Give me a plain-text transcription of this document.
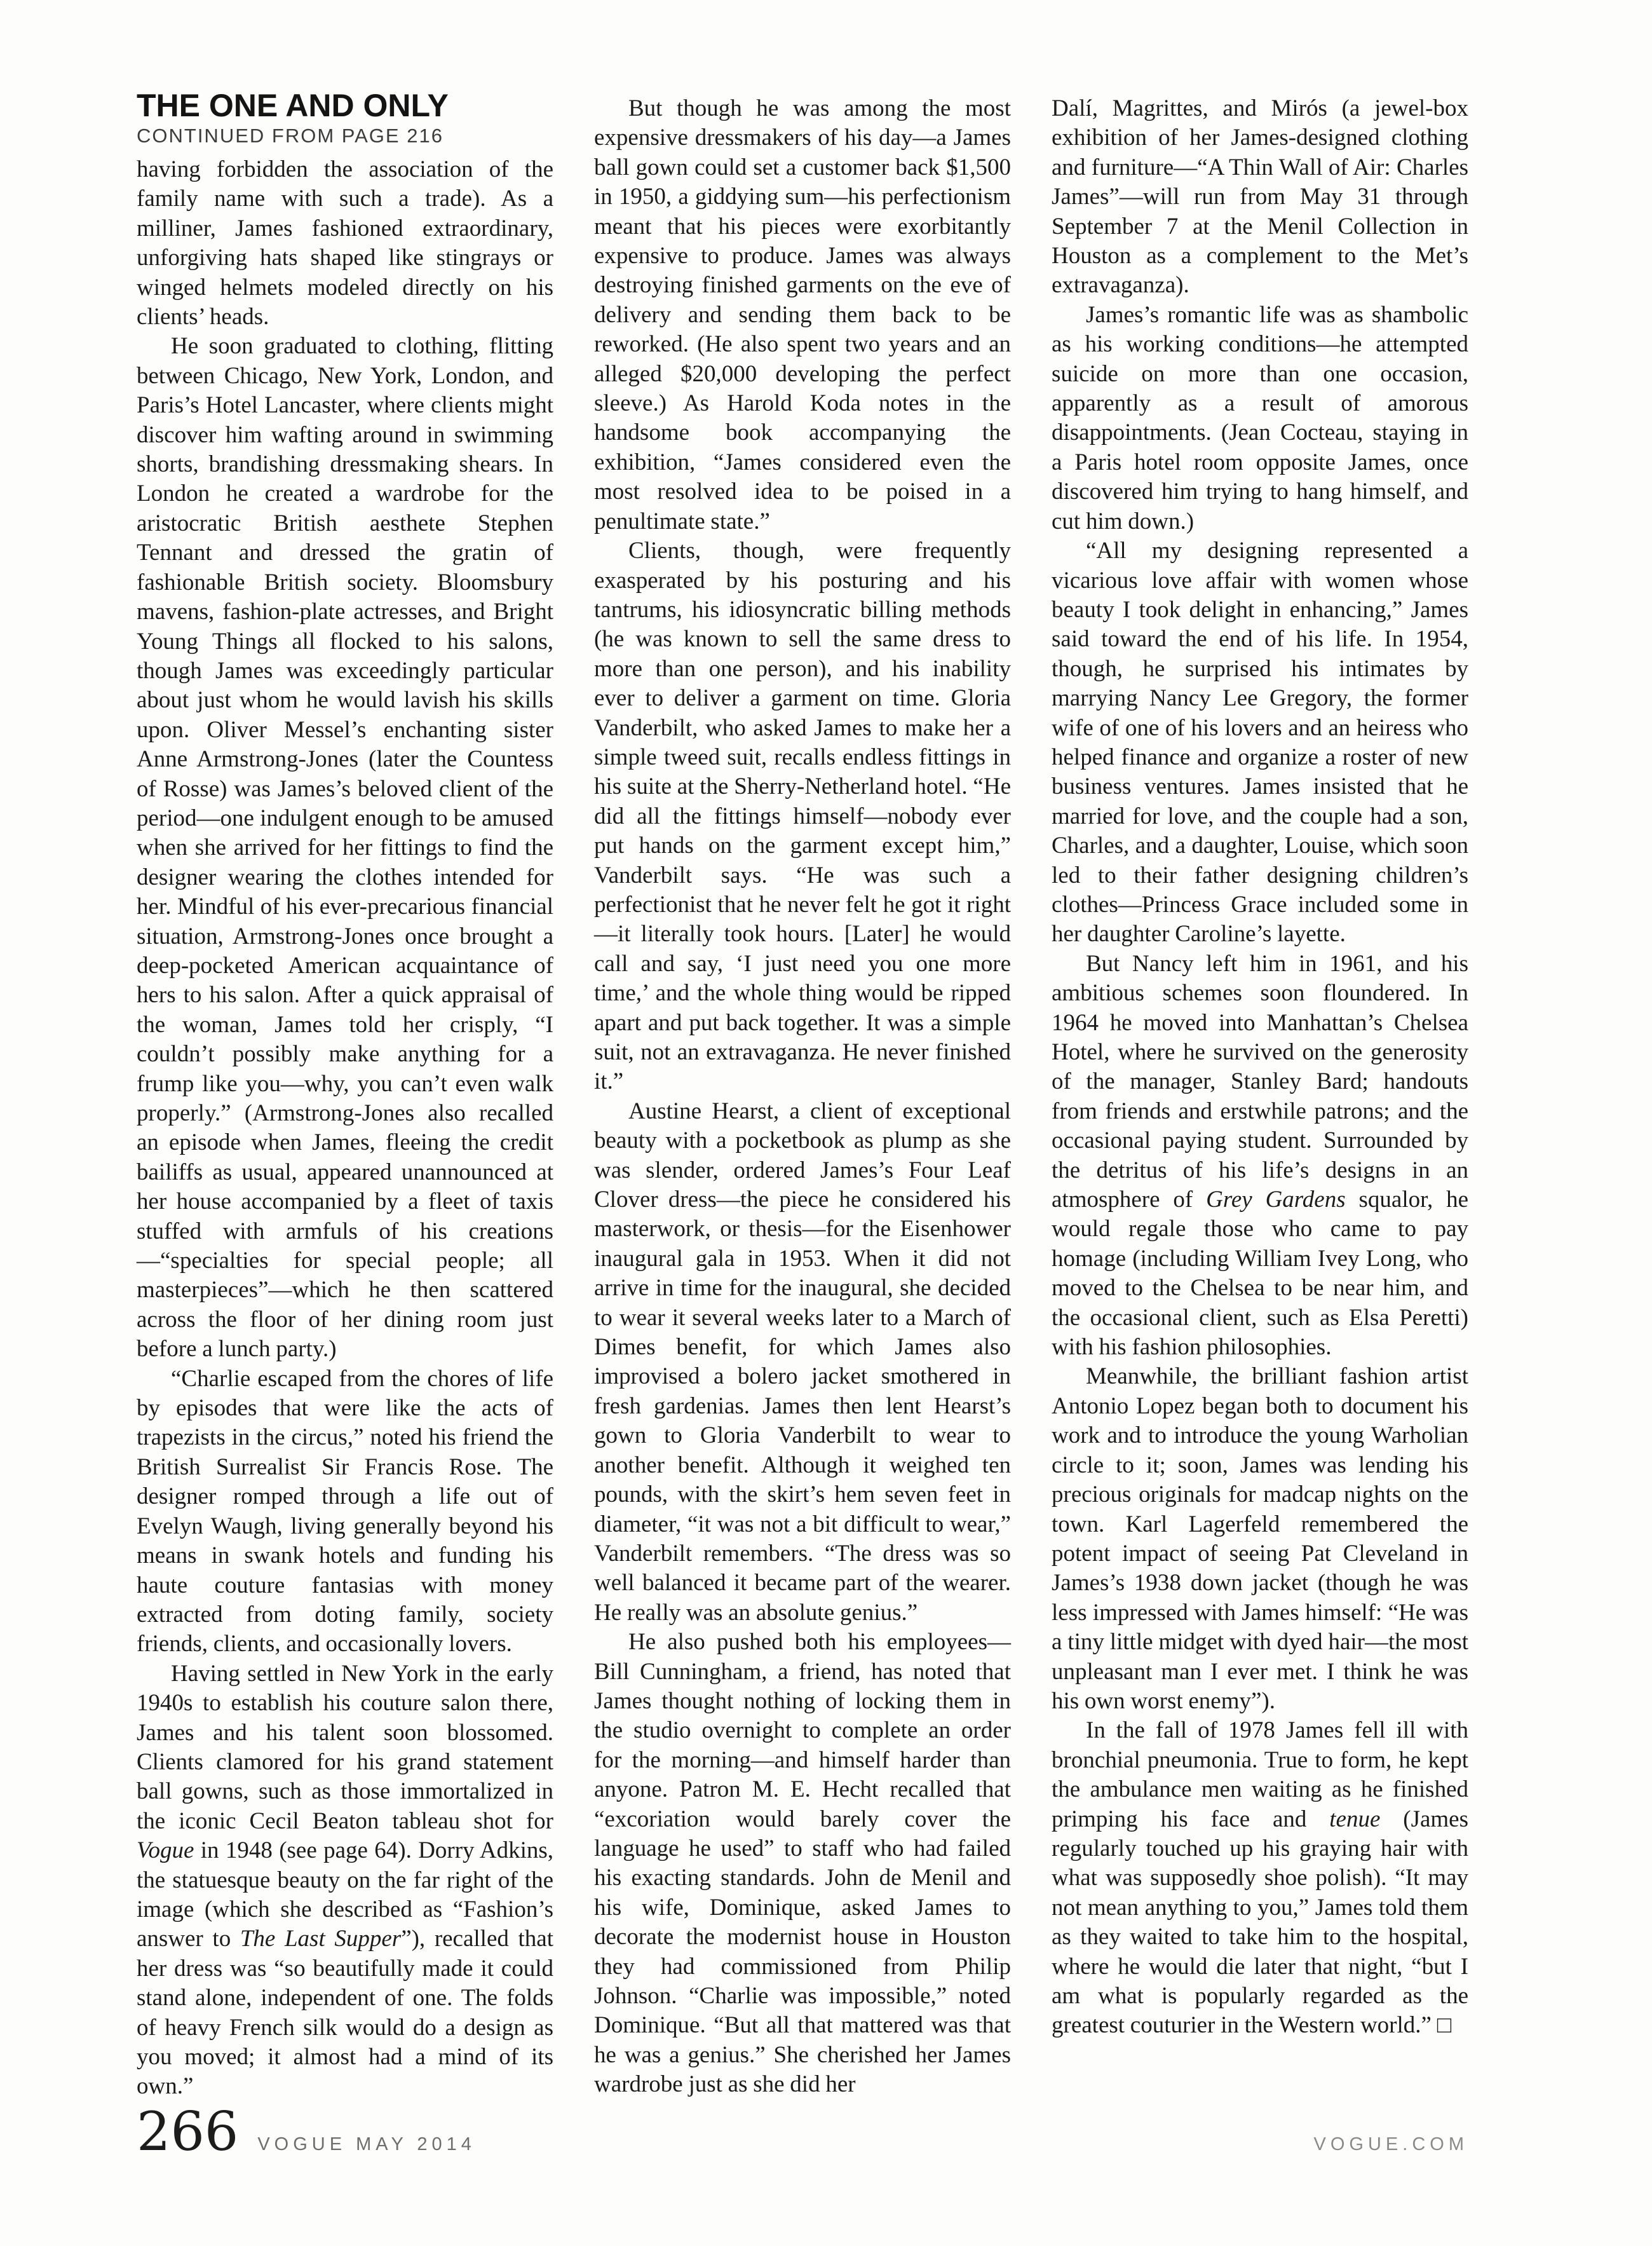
THE ONE AND ONLY
CONTINUED FROM PAGE 216

having forbidden the association of the family name with such a trade). As a milliner, James fashioned extraordinary, unforgiving hats shaped like stingrays or winged helmets modeled directly on his clients’ heads.

He soon graduated to clothing, flitting between Chicago, New York, London, and Paris’s Hotel Lancaster, where clients might discover him wafting around in swimming shorts, brandishing dressmaking shears. In London he created a wardrobe for the aristocratic British aesthete Stephen Tennant and dressed the gratin of fashionable British society. Bloomsbury mavens, fashion-plate actresses, and Bright Young Things all flocked to his salons, though James was exceedingly particular about just whom he would lavish his skills upon. Oliver Messel’s enchanting sister Anne Armstrong-Jones (later the Countess of Rosse) was James’s beloved client of the period—one indulgent enough to be amused when she arrived for her fittings to find the designer wearing the clothes intended for her. Mindful of his ever-precarious financial situation, Armstrong-Jones once brought a deep-pocketed American acquaintance of hers to his salon. After a quick appraisal of the woman, James told her crisply, “I couldn’t possibly make anything for a frump like you—why, you can’t even walk properly.” (Armstrong-Jones also recalled an episode when James, fleeing the credit bailiffs as usual, appeared unannounced at her house accompanied by a fleet of taxis stuffed with armfuls of his creations—“specialties for special people; all masterpieces”—which he then scattered across the floor of her dining room just before a lunch party.)

“Charlie escaped from the chores of life by episodes that were like the acts of trapezists in the circus,” noted his friend the British Surrealist Sir Francis Rose. The designer romped through a life out of Evelyn Waugh, living generally beyond his means in swank hotels and funding his haute couture fantasias with money extracted from doting family, society friends, clients, and occasionally lovers.

Having settled in New York in the early 1940s to establish his couture salon there, James and his talent soon blossomed. Clients clamored for his grand statement ball gowns, such as those immortalized in the iconic Cecil Beaton tableau shot for Vogue in 1948 (see page 64). Dorry Adkins, the statuesque beauty on the far right of the image (which she described as “Fashion’s answer to The Last Supper”), recalled that her dress was “so beautifully made it could stand alone, independent of one. The folds of heavy French silk would do a design as you moved; it almost had a mind of its own.”

But though he was among the most expensive dressmakers of his day—a James ball gown could set a customer back $1,500 in 1950, a giddying sum—his perfectionism meant that his pieces were exorbitantly expensive to produce. James was always destroying finished garments on the eve of delivery and sending them back to be reworked. (He also spent two years and an alleged $20,000 developing the perfect sleeve.) As Harold Koda notes in the handsome book accompanying the exhibition, “James considered even the most resolved idea to be poised in a penultimate state.”

Clients, though, were frequently exasperated by his posturing and his tantrums, his idiosyncratic billing methods (he was known to sell the same dress to more than one person), and his inability ever to deliver a garment on time. Gloria Vanderbilt, who asked James to make her a simple tweed suit, recalls endless fittings in his suite at the Sherry-Netherland hotel. “He did all the fittings himself—nobody ever put hands on the garment except him,” Vanderbilt says. “He was such a perfectionist that he never felt he got it right—it literally took hours. [Later] he would call and say, ‘I just need you one more time,’ and the whole thing would be ripped apart and put back together. It was a simple suit, not an extravaganza. He never finished it.”

Austine Hearst, a client of exceptional beauty with a pocketbook as plump as she was slender, ordered James’s Four Leaf Clover dress—the piece he considered his masterwork, or thesis—for the Eisenhower inaugural gala in 1953. When it did not arrive in time for the inaugural, she decided to wear it several weeks later to a March of Dimes benefit, for which James also improvised a bolero jacket smothered in fresh gardenias. James then lent Hearst’s gown to Gloria Vanderbilt to wear to another benefit. Although it weighed ten pounds, with the skirt’s hem seven feet in diameter, “it was not a bit difficult to wear,” Vanderbilt remembers. “The dress was so well balanced it became part of the wearer. He really was an absolute genius.”

He also pushed both his employees—Bill Cunningham, a friend, has noted that James thought nothing of locking them in the studio overnight to complete an order for the morning—and himself harder than anyone. Patron M. E. Hecht recalled that “excoriation would barely cover the language he used” to staff who had failed his exacting standards. John de Menil and his wife, Dominique, asked James to decorate the modernist house in Houston they had commissioned from Philip Johnson. “Charlie was impossible,” noted Dominique. “But all that mattered was that he was a genius.” She cherished her James wardrobe just as she did her

Dalí, Magrittes, and Mirós (a jewel-box exhibition of her James-designed clothing and furniture—“A Thin Wall of Air: Charles James”—will run from May 31 through September 7 at the Menil Collection in Houston as a complement to the Met’s extravaganza).

James’s romantic life was as shambolic as his working conditions—he attempted suicide on more than one occasion, apparently as a result of amorous disappointments. (Jean Cocteau, staying in a Paris hotel room opposite James, once discovered him trying to hang himself, and cut him down.)

“All my designing represented a vicarious love affair with women whose beauty I took delight in enhancing,” James said toward the end of his life. In 1954, though, he surprised his intimates by marrying Nancy Lee Gregory, the former wife of one of his lovers and an heiress who helped finance and organize a roster of new business ventures. James insisted that he married for love, and the couple had a son, Charles, and a daughter, Louise, which soon led to their father designing children’s clothes—Princess Grace included some in her daughter Caroline’s layette.

But Nancy left him in 1961, and his ambitious schemes soon floundered. In 1964 he moved into Manhattan’s Chelsea Hotel, where he survived on the generosity of the manager, Stanley Bard; handouts from friends and erstwhile patrons; and the occasional paying student. Surrounded by the detritus of his life’s designs in an atmosphere of Grey Gardens squalor, he would regale those who came to pay homage (including William Ivey Long, who moved to the Chelsea to be near him, and the occasional client, such as Elsa Peretti) with his fashion philosophies.

Meanwhile, the brilliant fashion artist Antonio Lopez began both to document his work and to introduce the young Warholian circle to it; soon, James was lending his precious originals for madcap nights on the town. Karl Lagerfeld remembered the potent impact of seeing Pat Cleveland in James’s 1938 down jacket (though he was less impressed with James himself: “He was a tiny little midget with dyed hair—the most unpleasant man I ever met. I think he was his own worst enemy”).

In the fall of 1978 James fell ill with bronchial pneumonia. True to form, he kept the ambulance men waiting as he finished primping his face and tenue (James regularly touched up his graying hair with what was supposedly shoe polish). “It may not mean anything to you,” James told them as they waited to take him to the hospital, where he would die later that night, “but I am what is popularly regarded as the greatest couturier in the Western world.” □

266 VOGUE MAY 2014	VOGUE.COM
